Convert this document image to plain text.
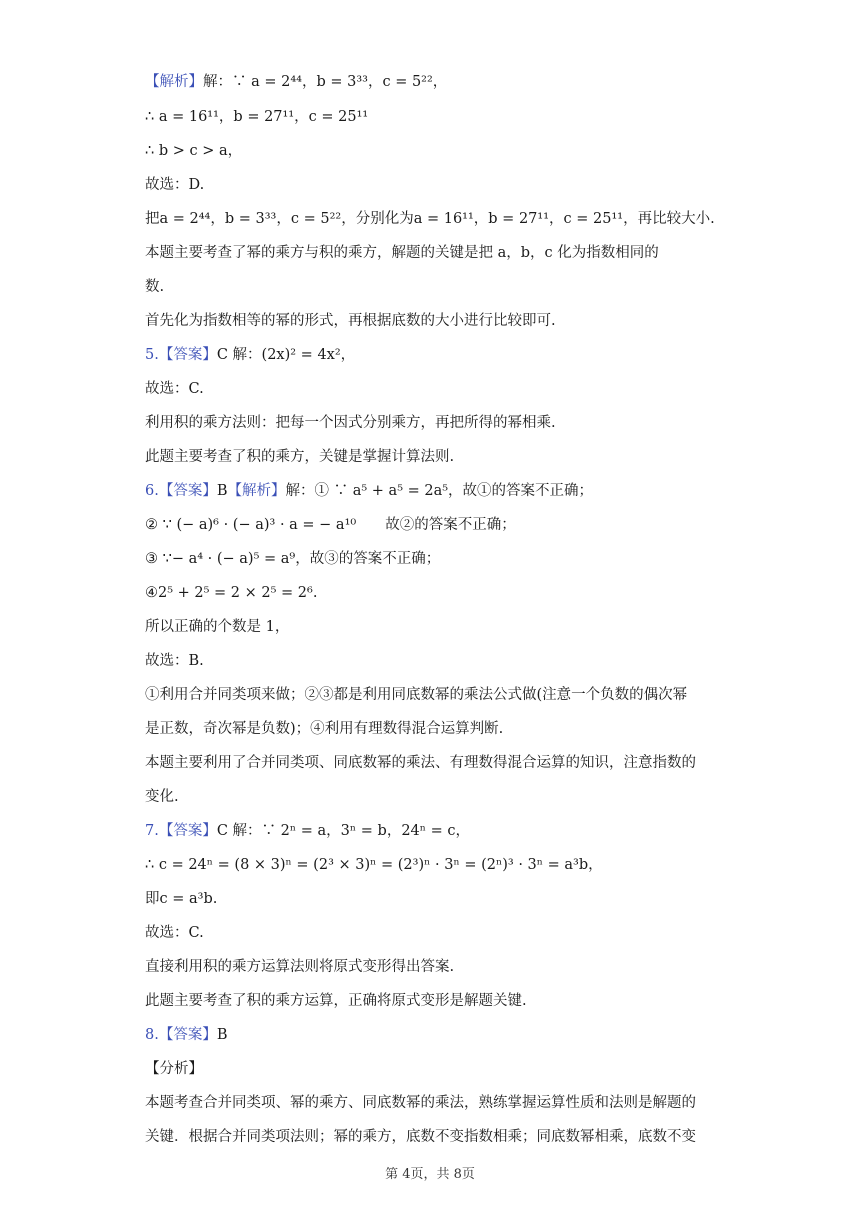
【解析】解：∵ a = 2⁴⁴，b = 3³³，c = 5²²，
∴ a = 16¹¹，b = 27¹¹，c = 25¹¹
∴ b > c > a，
故选：D.
把a = 2⁴⁴，b = 3³³，c = 5²²，分别化为a = 16¹¹，b = 27¹¹，c = 25¹¹，再比较大小.
本题主要考查了幂的乘方与积的乘方，解题的关键是把 a，b，c 化为指数相同的
数.
首先化为指数相等的幂的形式，再根据底数的大小进行比较即可.
5.【答案】C 解：(2x)² = 4x²，
故选：C.
利用积的乘方法则：把每一个因式分别乘方，再把所得的幂相乘.
此题主要考查了积的乘方，关键是掌握计算法则.
6.【答案】B【解析】解：① ∵ a⁵ + a⁵ = 2a⁵，故①的答案不正确；
② ∵ (− a)⁶ · (− a)³ · a = − a¹⁰　　故②的答案不正确；
③ ∵− a⁴ · (− a)⁵ = a⁹，故③的答案不正确；
④2⁵ + 2⁵ = 2 × 2⁵ = 2⁶.
所以正确的个数是 1，
故选：B.
①利用合并同类项来做；②③都是利用同底数幂的乘法公式做(注意一个负数的偶次幂
是正数，奇次幂是负数)；④利用有理数得混合运算判断.
本题主要利用了合并同类项、同底数幂的乘法、有理数得混合运算的知识，注意指数的
变化.
7.【答案】C 解：∵ 2ⁿ = a，3ⁿ = b，24ⁿ = c，
∴ c = 24ⁿ = (8 × 3)ⁿ = (2³ × 3)ⁿ = (2³)ⁿ · 3ⁿ = (2ⁿ)³ · 3ⁿ = a³b，
即c = a³b.
故选：C.
直接利用积的乘方运算法则将原式变形得出答案.
此题主要考查了积的乘方运算，正确将原式变形是解题关键.
8.【答案】B
【分析】
本题考查合并同类项、幂的乘方、同底数幂的乘法，熟练掌握运算性质和法则是解题的
关键．根据合并同类项法则；幂的乘方，底数不变指数相乘；同底数幂相乘，底数不变
第 4页，共 8页
